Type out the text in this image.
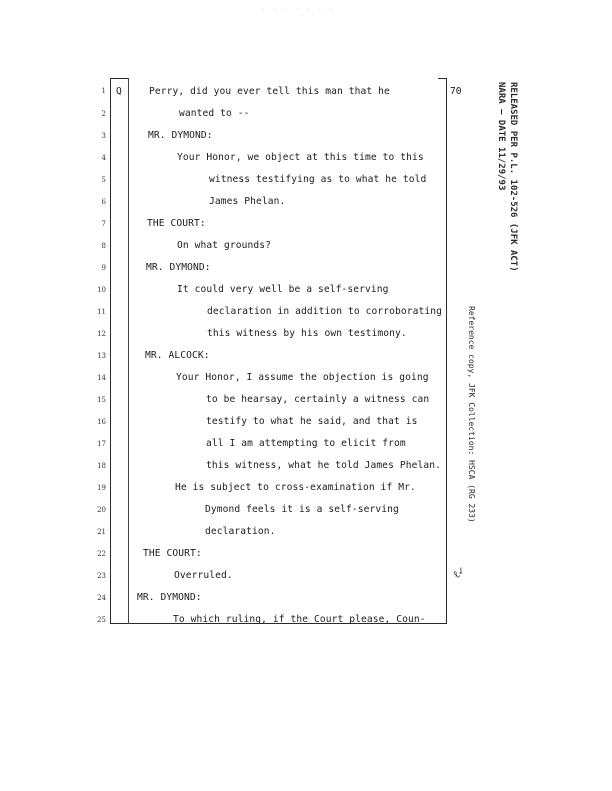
· · · · · · ·
Q	70
1
2
3
4
5
6
7
8
9
10
11
12
13
14
15
16
17
18
19
20
21
22
23
24
25
Perry, did you ever tell this man that he
wanted to --
MR. DYMOND:
Your Honor, we object at this time to this
witness testifying as to what he told
James Phelan.
THE COURT:
On what grounds?
MR. DYMOND:
It could very well be a self-serving
declaration in addition to corroborating
this witness by his own testimony.
MR. ALCOCK:
Your Honor, I assume the objection is going
to be hearsay, certainly a witness can
testify to what he said, and that is
all I am attempting to elicit from
this witness, what he told James Phelan.
He is subject to cross-examination if Mr.
Dymond feels it is a self-serving
declaration.
THE COURT:
Overruled.
MR. DYMOND:
To which ruling, if the Court please, Coun-
RELEASED PER P.L. 102-526 (JFK ACT)
NARA — DATE 11/29/93
Reference copy, JFK Collection: HSCA (RG 233)
ℓ✓
